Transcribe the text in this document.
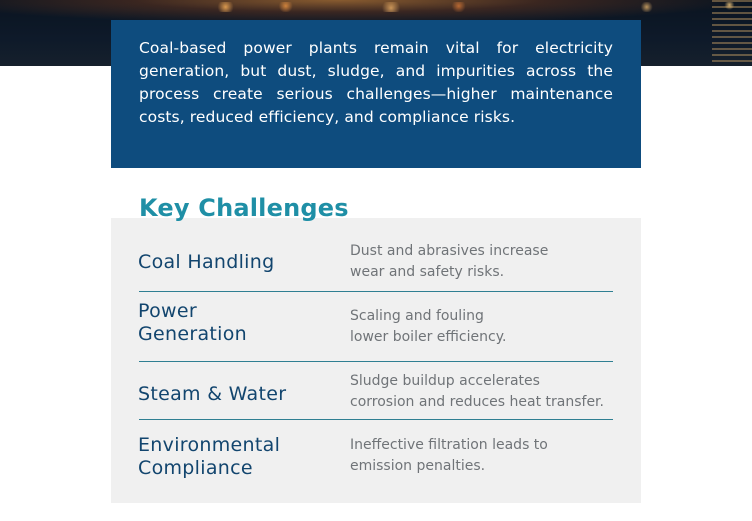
Coal-based power plants remain vital for electricity generation, but dust, sludge, and impurities across the process create serious challenges—higher maintenance costs, reduced efficiency, and compliance risks.

Key Challenges
Coal Handling	Dust and abrasives increase
wear and safety risks.
Power
Generation
Scaling and fouling
lower boiler efficiency.
Steam & Water
Sludge buildup accelerates
corrosion and reduces heat transfer.
Environmental
Compliance
Ineffective filtration leads to
emission penalties.
